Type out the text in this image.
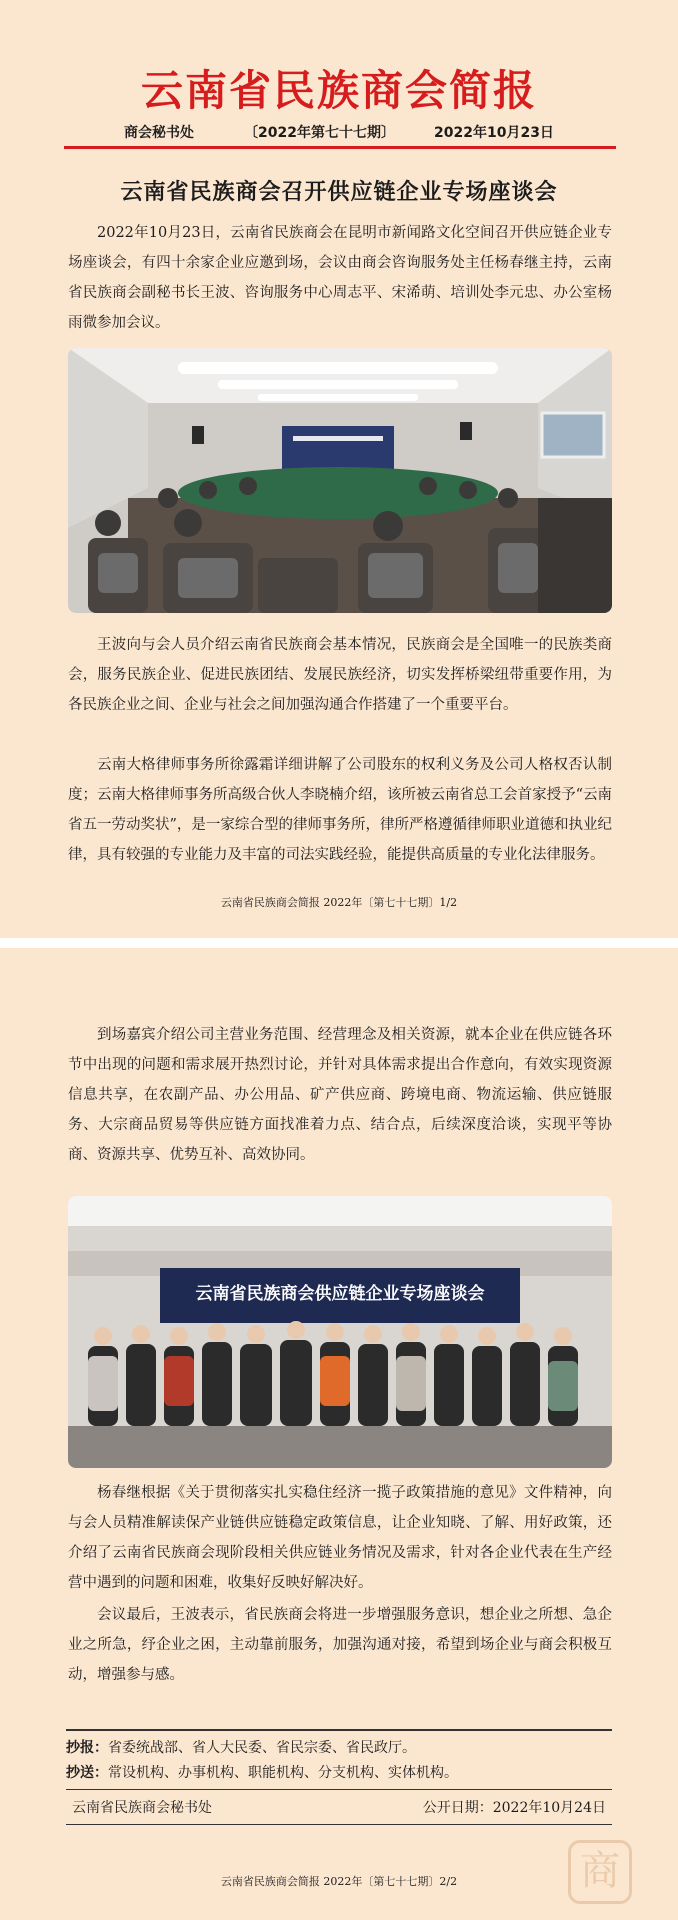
云南省民族商会简报
商会秘书处	〔2022年第七十七期〕	2022年10月23日
云南省民族商会召开供应链企业专场座谈会

2022年10月23日，云南省民族商会在昆明市新闻路文化空间召开供应链企业专场座谈会，有四十余家企业应邀到场，会议由商会咨询服务处主任杨春继主持，云南省民族商会副秘书长王波、咨询服务中心周志平、宋浠萌、培训处李元忠、办公室杨雨微参加会议。

王波向与会人员介绍云南省民族商会基本情况，民族商会是全国唯一的民族类商会，服务民族企业、促进民族团结、发展民族经济，切实发挥桥梁纽带重要作用，为各民族企业之间、企业与社会之间加强沟通合作搭建了一个重要平台。

云南大格律师事务所徐露霜详细讲解了公司股东的权利义务及公司人格权否认制度；云南大格律师事务所高级合伙人李晓楠介绍，该所被云南省总工会首家授予“云南省五一劳动奖状”，是一家综合型的律师事务所，律所严格遵循律师职业道德和执业纪律，具有较强的专业能力及丰富的司法实践经验，能提供高质量的专业化法律服务。

云南省民族商会简报 2022年〔第七十七期〕1/2

到场嘉宾介绍公司主营业务范围、经营理念及相关资源，就本企业在供应链各环节中出现的问题和需求展开热烈讨论，并针对具体需求提出合作意向，有效实现资源信息共享，在农副产品、办公用品、矿产供应商、跨境电商、物流运输、供应链服务、大宗商品贸易等供应链方面找准着力点、结合点，后续深度洽谈，实现平等协商、资源共享、优势互补、高效协同。

云南省民族商会供应链企业专场座谈会

杨春继根据《关于贯彻落实扎实稳住经济一揽子政策措施的意见》文件精神，向与会人员精准解读保产业链供应链稳定政策信息，让企业知晓、了解、用好政策，还介绍了云南省民族商会现阶段相关供应链业务情况及需求，针对各企业代表在生产经营中遇到的问题和困难，收集好反映好解决好。

会议最后，王波表示，省民族商会将进一步增强服务意识，想企业之所想、急企业之所急，纾企业之困，主动靠前服务，加强沟通对接，希望到场企业与商会积极互动，增强参与感。

抄报：省委统战部、省人大民委、省民宗委、省民政厅。
抄送：常设机构、办事机构、职能机构、分支机构、实体机构。
云南省民族商会秘书处	公开日期：2022年10月24日
云南省民族商会简报 2022年〔第七十七期〕2/2	商
